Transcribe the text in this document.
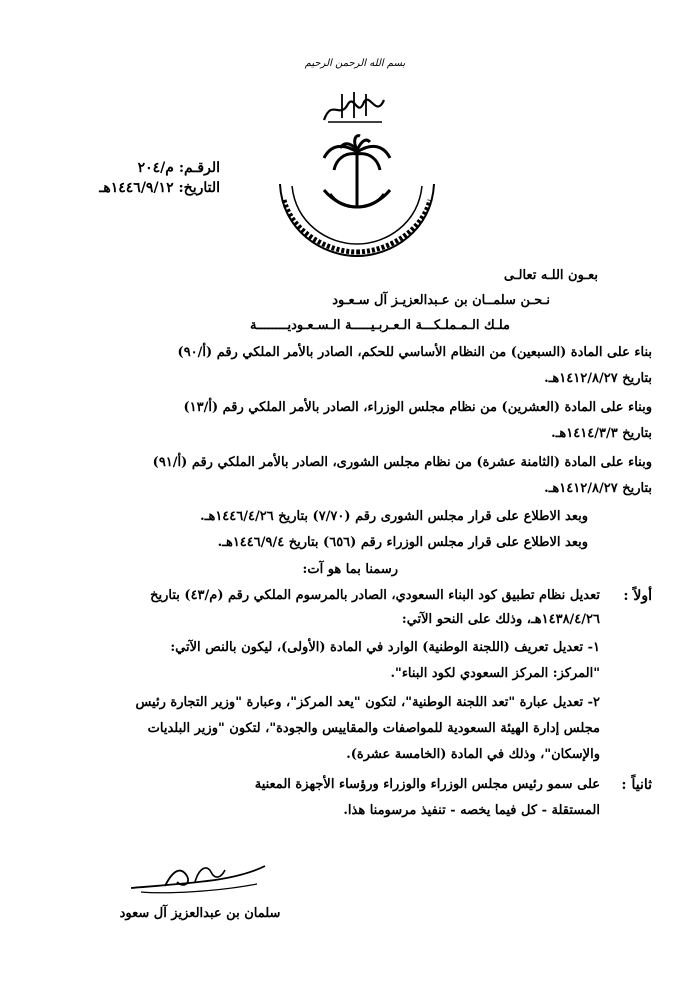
بسم الله الرحمن الرحيم
الرقـم: م/٢٠٤
التاريخ: ١٤٤٦/٩/١٢هـ
بعـون اللـه تعالـى
نـحـن سلمــان بن عـبدالعزيـز آل سـعـود
ملـك الـمـملـكـــة الـعـربـيـــــة الـسـعـوديــــــــة
بناء على المادة (السبعين) من النظام الأساسي للحكم، الصادر بالأمر الملكي رقم (أ/٩٠)
بتاريخ ١٤١٢/٨/٢٧هـ.
وبناء على المادة (العشرين) من نظام مجلس الوزراء، الصادر بالأمر الملكي رقم (أ/١٣)
بتاريخ ١٤١٤/٣/٣هـ.
وبناء على المادة (الثامنة عشرة) من نظام مجلس الشورى، الصادر بالأمر الملكي رقم (أ/٩١)
بتاريخ ١٤١٢/٨/٢٧هـ.
وبعد الاطلاع على قرار مجلس الشورى رقم (٧/٧٠) بتاريخ ١٤٤٦/٤/٢٦هـ.
وبعد الاطلاع على قرار مجلس الوزراء رقم (٦٥٦) بتاريخ ١٤٤٦/٩/٤هـ.
رسمنا بما هو آت:
أولاً :
تعديل نظام تطبيق كود البناء السعودي، الصادر بالمرسوم الملكي رقم (م/٤٣) بتاريخ
١٤٣٨/٤/٢٦هـ، وذلك على النحو الآتي:
١- تعديل تعريف (اللجنة الوطنية) الوارد في المادة (الأولى)، ليكون بالنص الآتي:
"المركز: المركز السعودي لكود البناء".
٢- تعديل عبارة "تعد اللجنة الوطنية"، لتكون "يعد المركز"، وعبارة "وزير التجارة رئيس
مجلس إدارة الهيئة السعودية للمواصفات والمقاييس والجودة"، لتكون "وزير البلديات
والإسكان"، وذلك في المادة (الخامسة عشرة).
ثانياً :
على سمو رئيس مجلس الوزراء والوزراء ورؤساء الأجهزة المعنية
المستقلة - كل فيما يخصه - تنفيذ مرسومنا هذا.
سلمان بن عبدالعزيز آل سعود
